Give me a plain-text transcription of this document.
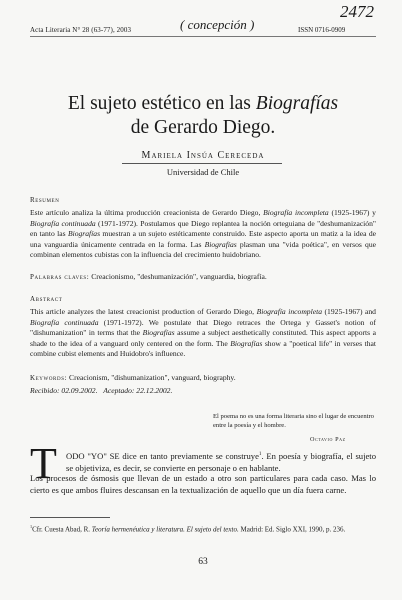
Acta Literaria N° 28 (63-77), 2003	( concepción )	ISSN 0716-0909
2472
El sujeto estético en las Biografías
de Gerardo Diego.
Mariela Insúa Cereceda
Universidad de Chile
Resumen
Este artículo analiza la última producción creacionista de Gerardo Diego, Biografía incompleta (1925-1967) y Biografía continuada (1971-1972). Postulamos que Diego replantea la noción orteguiana de "deshumanización" en tanto las Biografías muestran a un sujeto estéticamente construido. Este aspecto aporta un matiz a la idea de una vanguardia únicamente centrada en la forma. Las Biografías plasman una "vida poética", en versos que combinan elementos cubistas con la influencia del crecimiento huidobriano.
Palabras claves: Creacionismo, "deshumanización", vanguardia, biografía.
Abstract
This article analyzes the latest creacionist production of Gerardo Diego, Biografía incompleta (1925-1967) and Biografía continuada (1971-1972). We postulate that Diego retraces the Ortega y Gasset's notion of "dishumanization" in terms that the Biografías assume a subject aesthetically constituted. This aspect apports a shade to the idea of a vanguard only centered on the form. The Biografías show a "poetical life" in verses that combine cubist elements and Huidobro's influence.
Keywords: Creacionism, "dishumanization", vanguard, biography.
Recibido: 02.09.2002. Aceptado: 22.12.2002.
El poema no es una forma literaria sino el lugar de encuentro entre la poesía y el hombre.
Octavio Paz
T ODO "YO" SE dice en tanto previamente se construye$^1$. En poesía y biografía, el sujeto se objetiviza, es decir, se convierte en personaje o en hablante.
Los procesos de ósmosis que llevan de un estado a otro son particulares para cada caso. Mas lo cierto es que ambos fluires descansan en la textualización de aquello que un día fuera carne.
$^1$Cfr. Cuesta Abad, R. Teoría hermenéutica y literatura. El sujeto del texto. Madrid: Ed. Siglo XXI, 1990, p. 236.
63
